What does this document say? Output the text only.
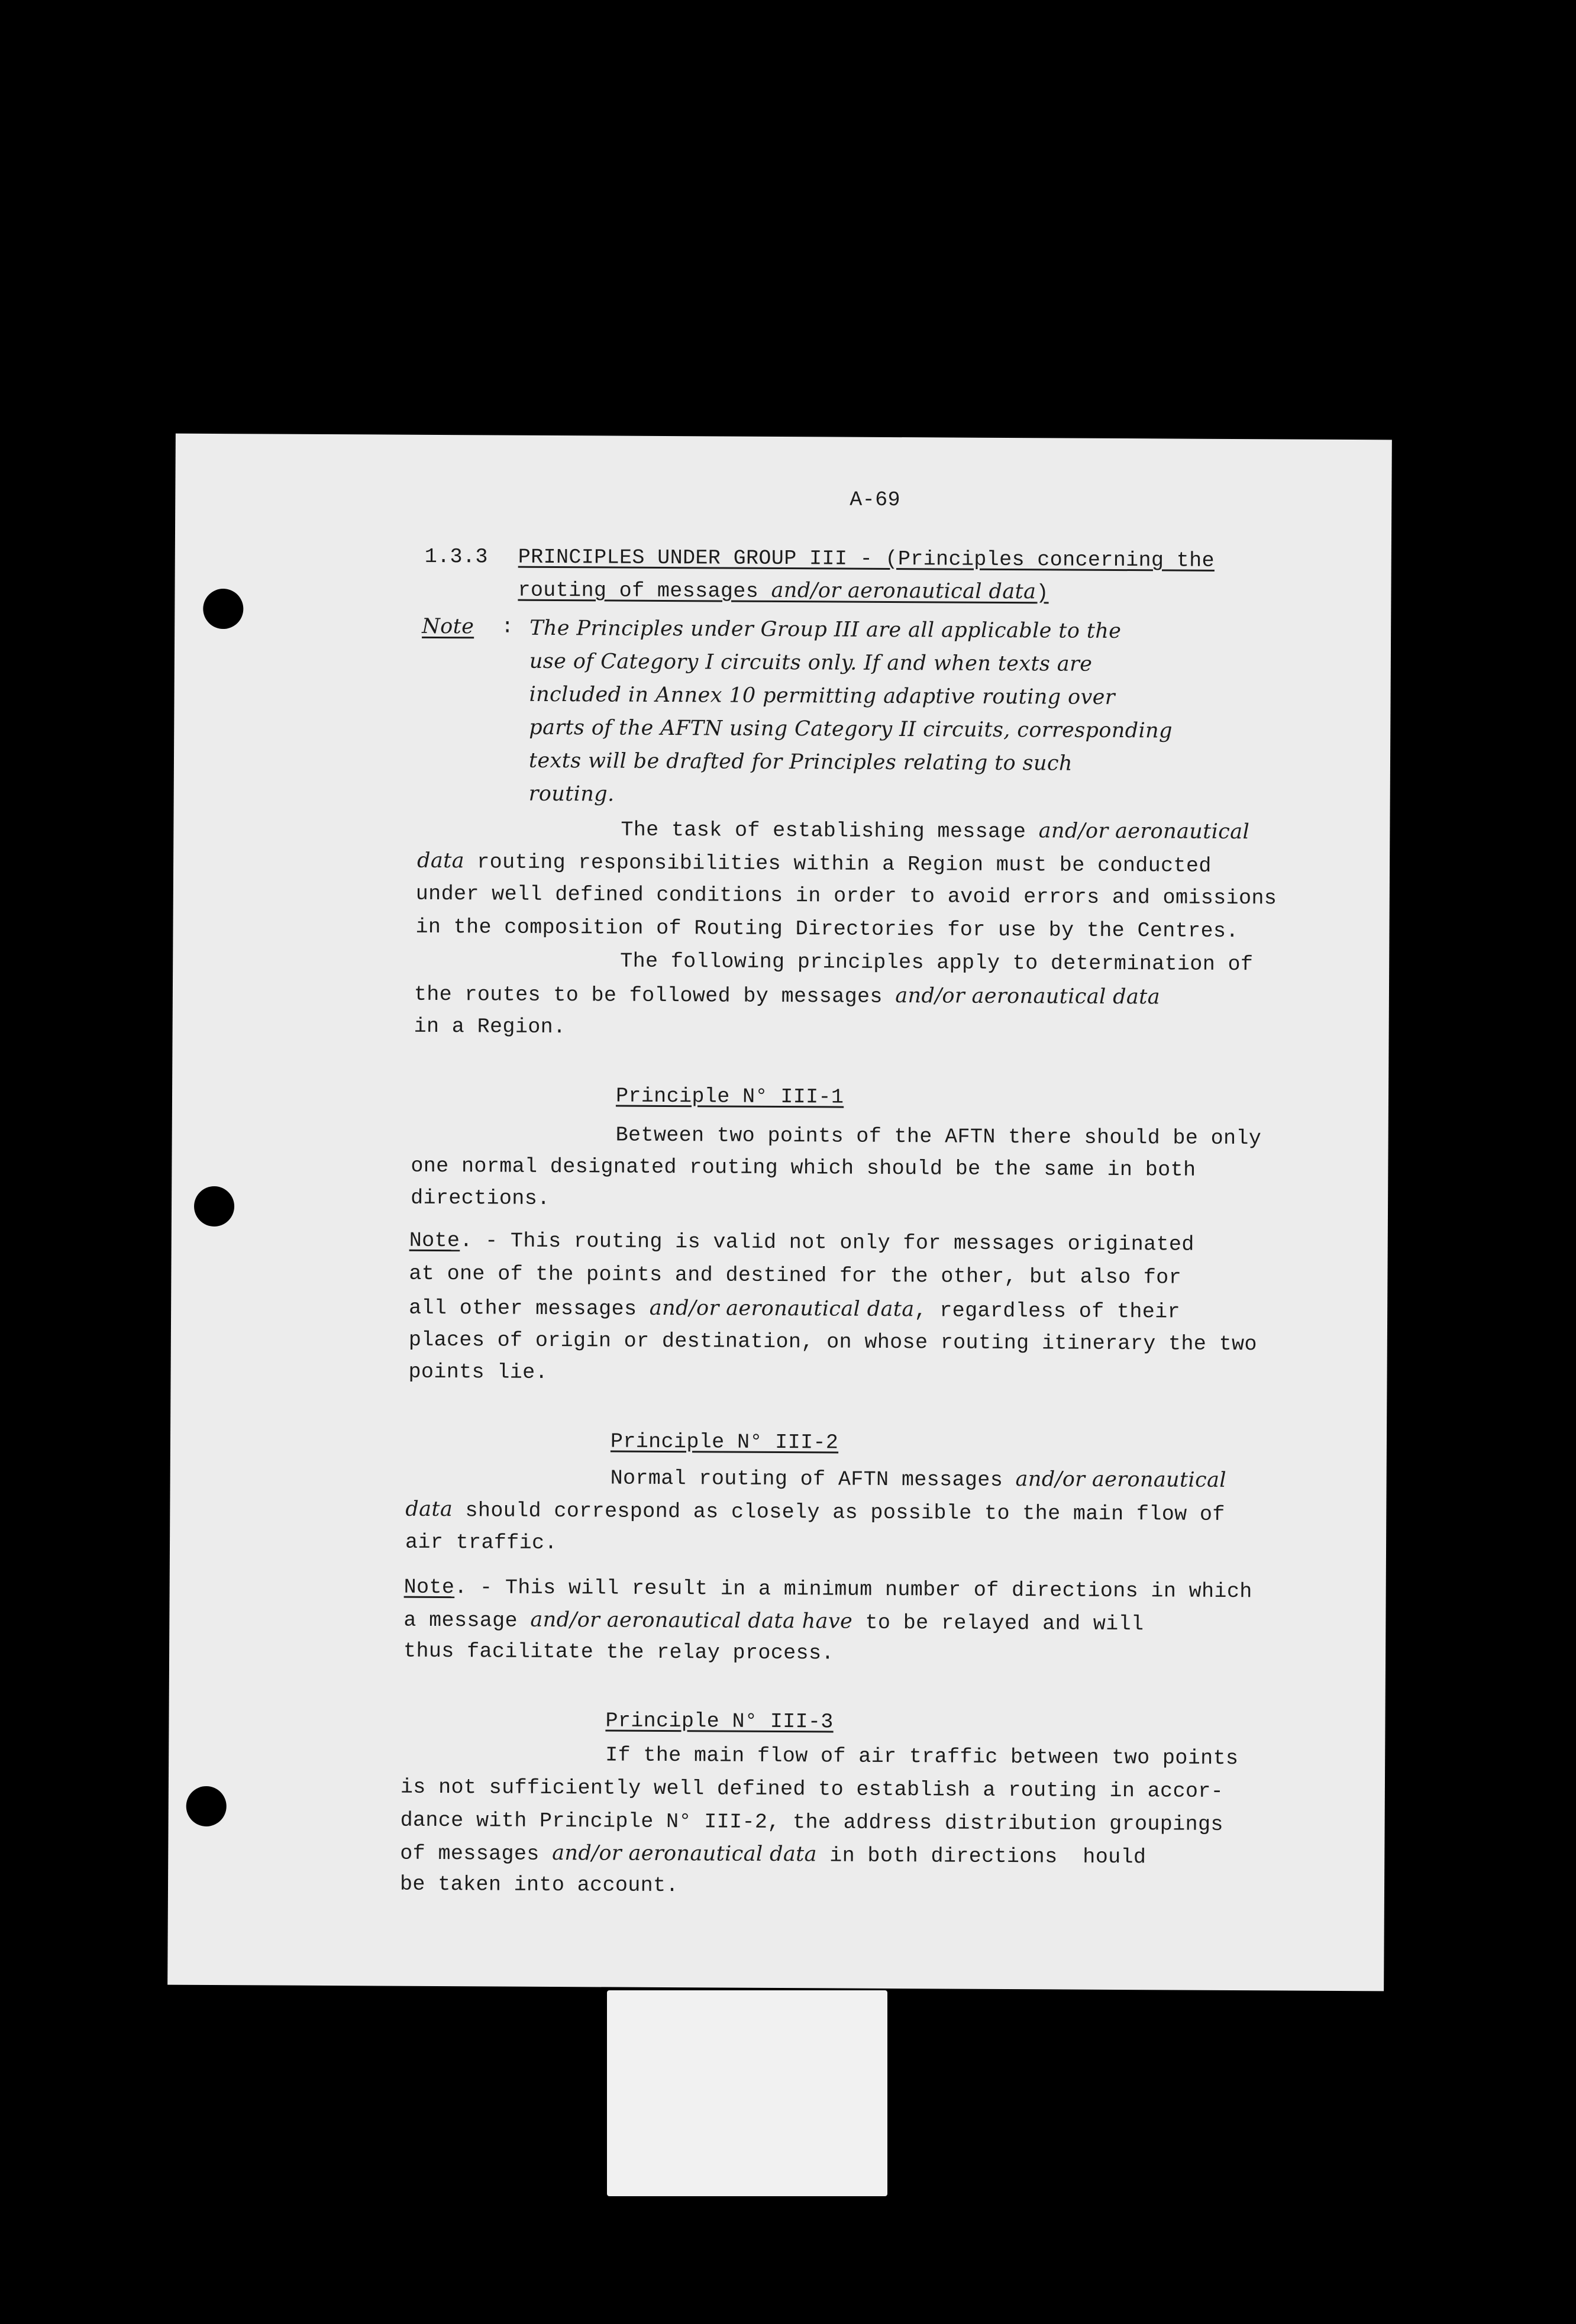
A-69
1.3.3 PRINCIPLES UNDER GROUP III - (Principles concerning the
routing of messages and/or aeronautical data)
Note : The Principles under Group III are all applicable to the
use of Category I circuits only. If and when texts are
included in Annex 10 permitting adaptive routing over
parts of the AFTN using Category II circuits, corresponding
texts will be drafted for Principles relating to such
routing.
The task of establishing message and/or aeronautical
data routing responsibilities within a Region must be conducted
under well defined conditions in order to avoid errors and omissions
in the composition of Routing Directories for use by the Centres.
The following principles apply to determination of
the routes to be followed by messages and/or aeronautical data
in a Region.
Principle N° III-1
Between two points of the AFTN there should be only
one normal designated routing which should be the same in both
directions.
Note. - This routing is valid not only for messages originated
at one of the points and destined for the other, but also for
all other messages and/or aeronautical data, regardless of their
places of origin or destination, on whose routing itinerary the two
points lie.
Principle N° III-2
Normal routing of AFTN messages and/or aeronautical
data should correspond as closely as possible to the main flow of
air traffic.
Note. - This will result in a minimum number of directions in which
a message and/or aeronautical data have to be relayed and will
thus facilitate the relay process.
Principle N° III-3
If the main flow of air traffic between two points
is not sufficiently well defined to establish a routing in accor-
dance with Principle N° III-2, the address distribution groupings
of messages and/or aeronautical data in both directions  hould
be taken into account.
